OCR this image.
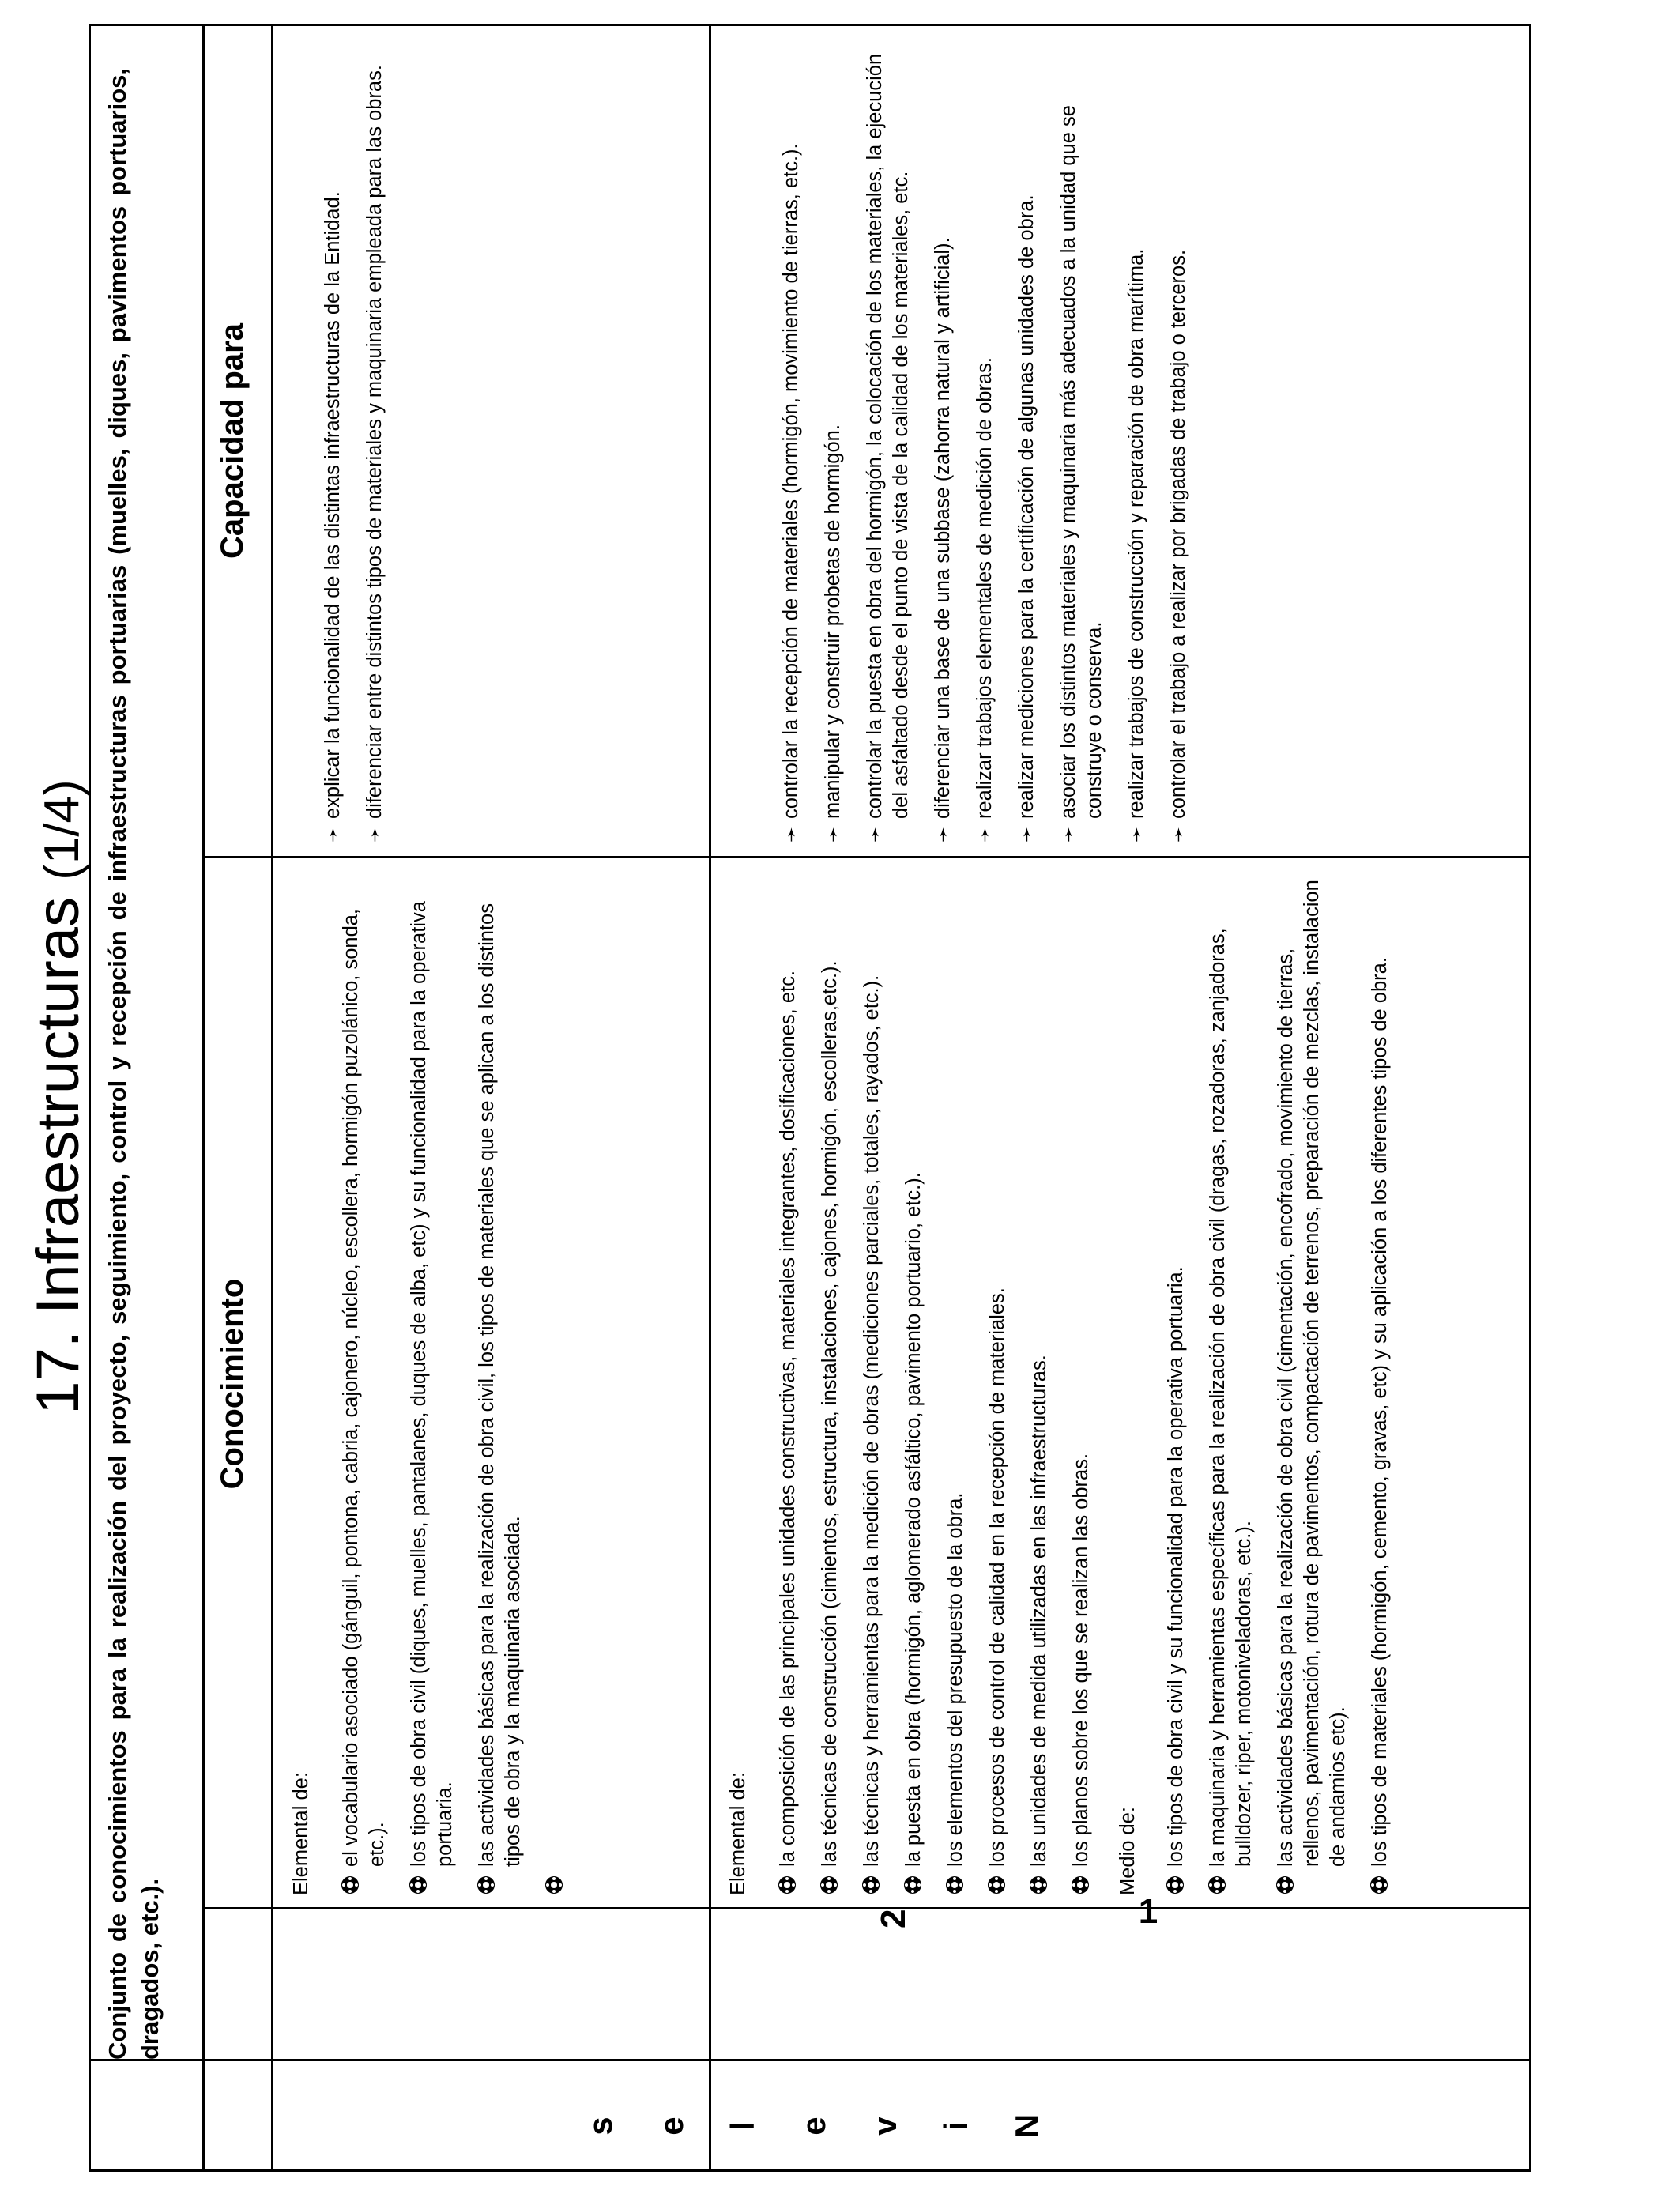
17. Infraestructuras (1/4) Conjunto de conocimientos para la realización del proyecto, seguimiento, control y recepción de infraestructuras portuarias (muelles, diques, pavimentos portuarios, dragados, etc.).
Conocimiento
Capacidad para
N
i
v
e
l
e
s
1
2
Elemental de: el vocabulario asociado (gánguil, pontona, cabria, cajonero, núcleo, escollera, hormigón puzolánico, sonda, etc.). los tipos de obra civil (diques, muelles, pantalanes, duques de alba, etc) y su funcionalidad para la operativa portuaria. las actividades básicas para la realización de obra civil, los tipos de materiales que se aplican a los distintos tipos de obra y la maquinaria asociada.
➛
explicar la funcionalidad de las distintas infraestructuras de la Entidad.
➛
diferenciar entre distintos tipos de materiales y maquinaria empleada para las obras.
Elemental de: la composición de las principales unidades constructivas, materiales integrantes, dosificaciones, etc. las técnicas de construcción (cimientos, estructura, instalaciones, cajones, hormigón, escolleras,etc.). las técnicas y herramientas para la medición de obras (mediciones parciales, totales, rayados, etc.). la puesta en obra (hormigón, aglomerado asfáltico, pavimento portuario, etc.). los elementos del presupuesto de la obra. los procesos de control de calidad en la recepción de materiales. las unidades de medida utilizadas en las infraestructuras. los planos sobre los que se realizan las obras. Medio de: los tipos de obra civil y su funcionalidad para la operativa portuaria. la maquinaria y herramientas específicas para la realización de obra civil (dragas, rozadoras, zanjadoras, bulldozer, riper, motoniveladoras, etc.). las actividades básicas para la realización de obra civil (cimentación, encofrado, movimiento de tierras, rellenos, pavimentación, rotura de pavimentos, compactación de terrenos, preparación de mezclas, instalacion de andamios etc). los tipos de materiales (hormigón, cemento, gravas, etc) y su aplicación a los diferentes tipos de obra.
➛
controlar la recepción de materiales (hormigón, movimiento de tierras, etc.).
➛
manipular y construir probetas de hormigón.
➛
controlar la puesta en obra del hormigón, la colocación de los materiales, la ejecución del asfaltado desde el punto de vista de la calidad de los materiales, etc.
➛
diferenciar una base de una subbase (zahorra natural y artificial).
➛
realizar trabajos elementales de medición de obras.
➛
realizar mediciones para la certificación de algunas unidades de obra.
➛
asociar los distintos materiales y maquinaria más adecuados a la unidad que se construye o conserva.
➛
realizar trabajos de construcción y reparación de obra marítima.
➛
controlar el trabajo a realizar por brigadas de trabajo o terceros.
